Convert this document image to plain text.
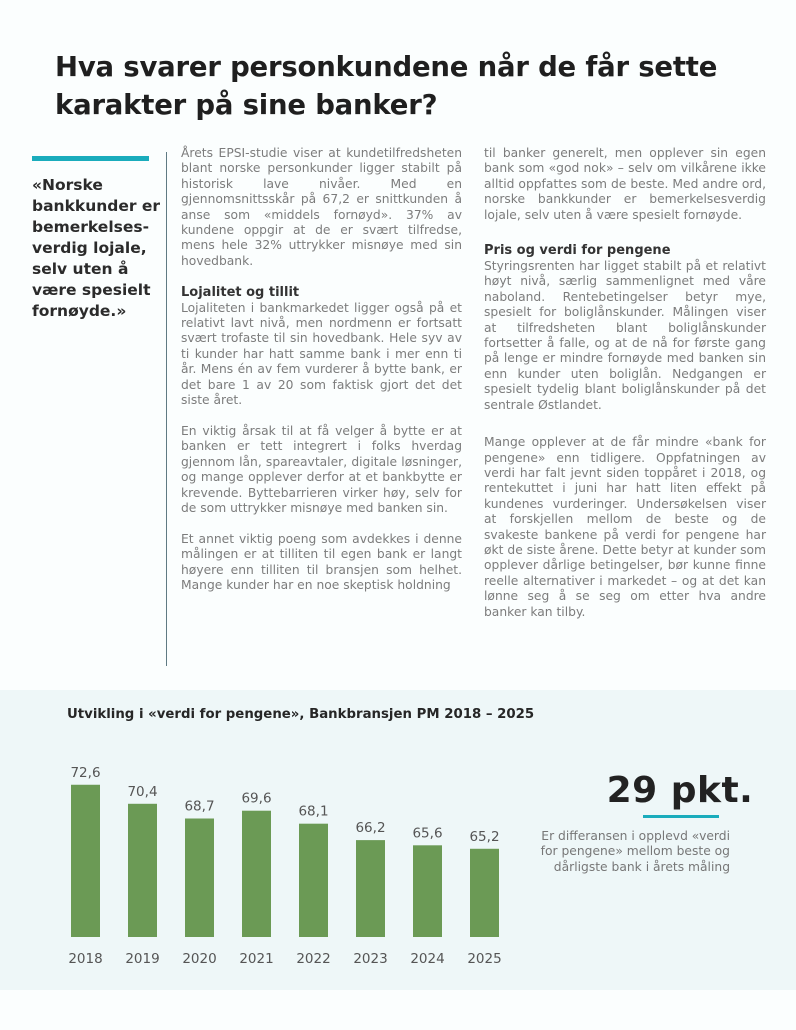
Hva svarer personkundene når de får sette karakter på sine banker?

«Norske bankkunder er bemerkelses-verdig lojale, selv uten å være spesielt fornøyde.»

Årets EPSI-studie viser at kundetilfredsheten blant norske personkunder ligger stabilt på historisk lave nivåer. Med en gjennomsnittsskår på 67,2 er snittkunden å anse som «middels fornøyd». 37% av kundene oppgir at de er svært tilfredse, mens hele 32% uttrykker misnøye med sin hovedbank.

Lojalitet og tillit

Lojaliteten i bankmarkedet ligger også på et relativt lavt nivå, men nordmenn er fortsatt svært trofaste til sin hovedbank. Hele syv av ti kunder har hatt samme bank i mer enn ti år. Mens én av fem vurderer å bytte bank, er det bare 1 av 20 som faktisk gjort det det siste året.

En viktig årsak til at få velger å bytte er at banken er tett integrert i folks hverdag gjennom lån, spareavtaler, digitale løsninger, og mange opplever derfor at et bankbytte er krevende. Byttebarrieren virker høy, selv for de som uttrykker misnøye med banken sin.

Et annet viktig poeng som avdekkes i denne målingen er at tilliten til egen bank er langt høyere enn tilliten til bransjen som helhet. Mange kunder har en noe skeptisk holdning

til banker generelt, men opplever sin egen bank som «god nok» – selv om vilkårene ikke alltid oppfattes som de beste. Med andre ord, norske bankkunder er bemerkelsesverdig lojale, selv uten å være spesielt fornøyde.

Pris og verdi for pengene

Styringsrenten har ligget stabilt på et relativt høyt nivå, særlig sammenlignet med våre naboland. Rentebetingelser betyr mye, spesielt for boliglånskunder. Målingen viser at tilfredsheten blant boliglånskunder fortsetter å falle, og at de nå for første gang på lenge er mindre fornøyde med banken sin enn kunder uten boliglån. Nedgangen er spesielt tydelig blant boliglånskunder på det sentrale Østlandet.

Mange opplever at de får mindre «bank for pengene» enn tidligere. Oppfatningen av verdi har falt jevnt siden toppåret i 2018, og rentekuttet i juni har hatt liten effekt på kundenes vurderinger. Undersøkelsen viser at forskjellen mellom de beste og de svakeste bankene på verdi for pengene har økt de siste årene. Dette betyr at kunder som opplever dårlige betingelser, bør kunne finne reelle alternativer i markedet – og at det kan lønne seg å se seg om etter hva andre banker kan tilby.

Utvikling i «verdi for pengene», Bankbransjen PM 2018 – 2025

72,6
2018
70,4
2019
68,7
2020
69,6
2021
68,1
2022
66,2
2023
65,6
2024
65,2
2025
29 pkt.
Er differansen i opplevd «verdi for pengene» mellom beste og dårligste bank i årets måling
